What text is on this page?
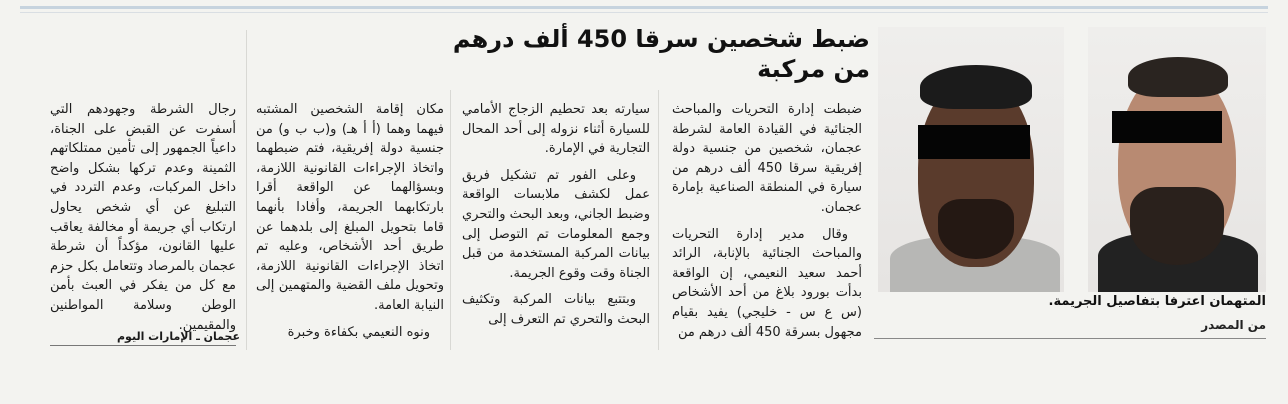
المتهمان اعترفا بتفاصيل الجريمة.
من المصدر
ضبط شخصين سرقا 450 ألف درهم من مركبة

ضبطت إدارة التحريات والمباحث الجنائية في القيادة العامة لشرطة عجمان، شخصين من جنسية دولة إفريقية سرقا 450 ألف درهم من سيارة في المنطقة الصناعية بإمارة عجمان.

وقال مدير إدارة التحريات والمباحث الجنائية بالإنابة، الرائد أحمد سعيد النعيمي، إن الواقعة بدأت بورود بلاغ من أحد الأشخاص (س ع س - خليجي) يفيد بقيام مجهول بسرقة 450 ألف درهم من

سيارته بعد تحطيم الزجاج الأمامي للسيارة أثناء نزوله إلى أحد المحال التجارية في الإمارة.

وعلى الفور تم تشكيل فريق عمل لكشف ملابسات الواقعة وضبط الجاني، وبعد البحث والتحري وجمع المعلومات تم التوصل إلى بيانات المركبة المستخدمة من قبل الجناة وقت وقوع الجريمة.

وبتتبع بيانات المركبة وتكثيف البحث والتحري تم التعرف إلى

مكان إقامة الشخصين المشتبه فيهما وهما (أ أ هـ) و(ب ب و) من جنسية دولة إفريقية، فتم ضبطهما واتخاذ الإجراءات القانونية اللازمة، وبسؤالهما عن الواقعة أقرا بارتكابهما الجريمة، وأفادا بأنهما قاما بتحويل المبلغ إلى بلدهما عن طريق أحد الأشخاص، وعليه تم اتخاذ الإجراءات القانونية اللازمة، وتحويل ملف القضية والمتهمين إلى النيابة العامة.

ونوه النعيمي بكفاءة وخبرة

رجال الشرطة وجهودهم التي أسفرت عن القبض على الجناة، داعياً الجمهور إلى تأمين ممتلكاتهم الثمينة وعدم تركها بشكل واضح داخل المركبات، وعدم التردد في التبليغ عن أي شخص يحاول ارتكاب أي جريمة أو مخالفة يعاقب عليها القانون، مؤكداً أن شرطة عجمان بالمرصاد وتتعامل بكل حزم مع كل من يفكر في العبث بأمن الوطن وسلامة المواطنين والمقيمين.

عجمان ـ الإمارات اليوم
